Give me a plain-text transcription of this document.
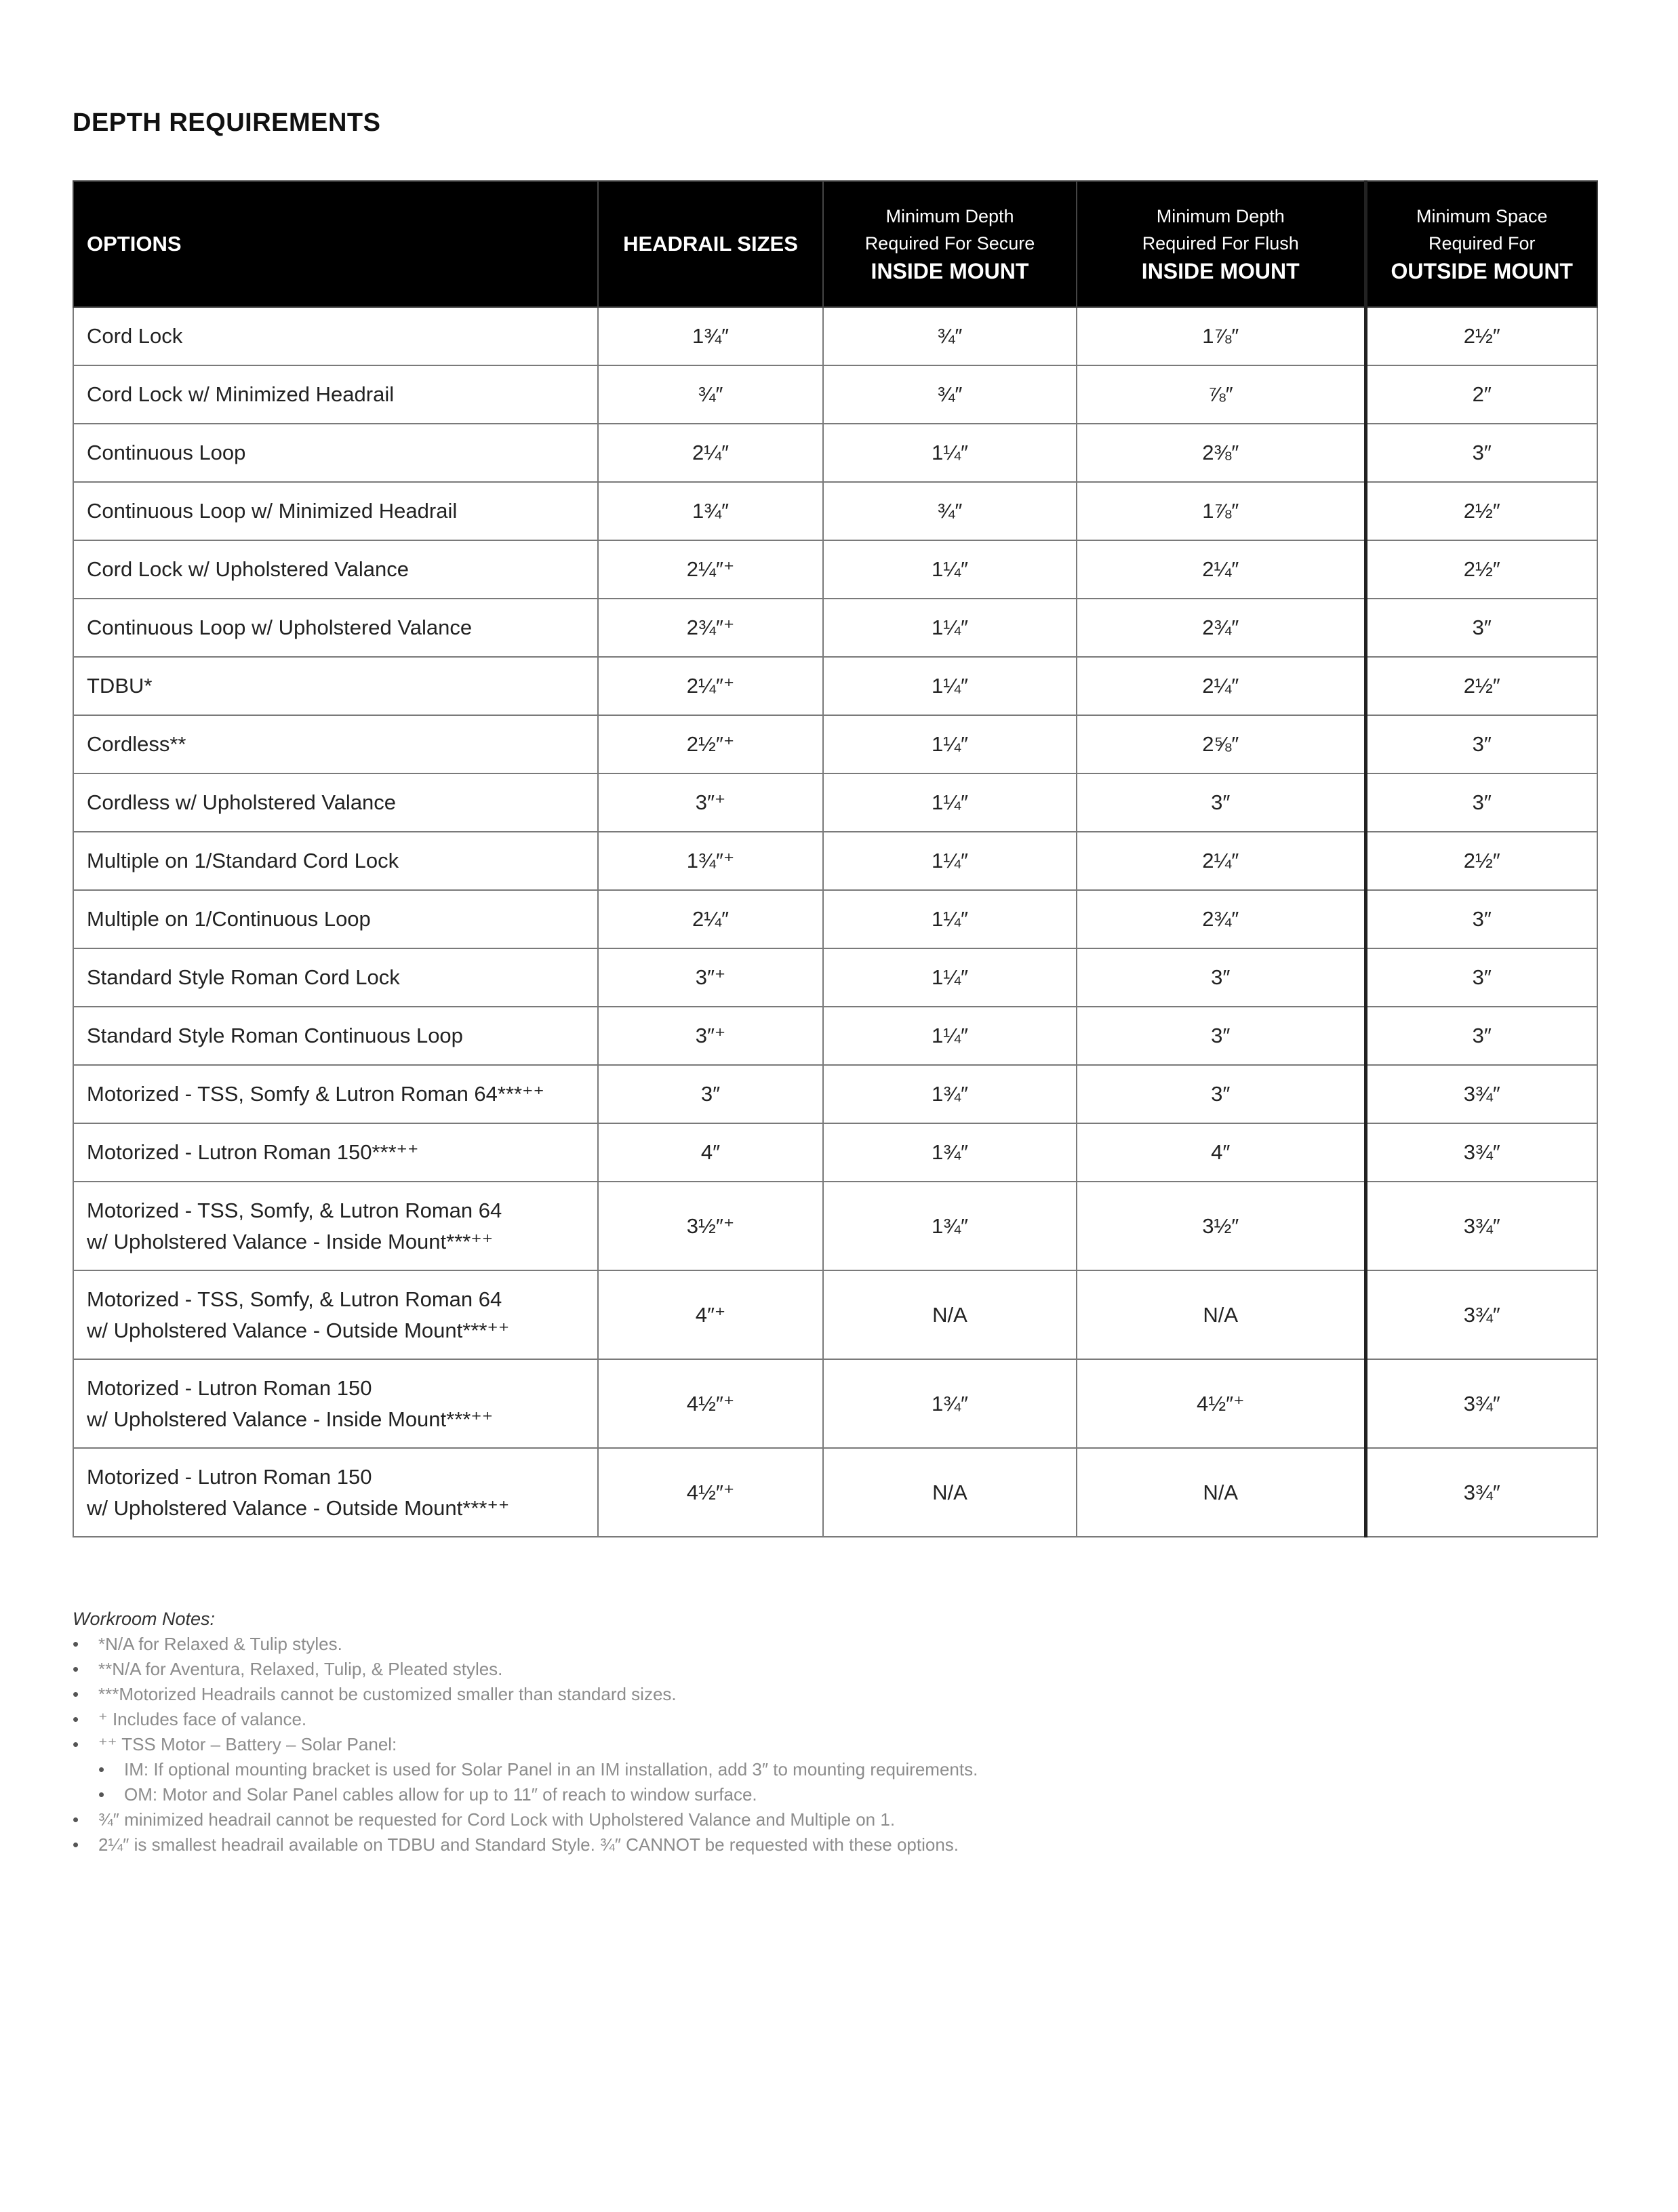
DEPTH REQUIREMENTS
OPTIONS	HEADRAIL SIZES	Minimum Depth
Required For Secure
INSIDE MOUNT	Minimum Depth
Required For Flush
INSIDE MOUNT	Minimum Space
Required For
OUTSIDE MOUNT

Cord Lock	1¾″	¾″	1⅞″	2½″
Cord Lock w/ Minimized Headrail	¾″	¾″	⅞″	2″
Continuous Loop	2¼″	1¼″	2⅜″	3″
Continuous Loop w/ Minimized Headrail	1¾″	¾″	1⅞″	2½″
Cord Lock w/ Upholstered Valance	2¼″⁺	1¼″	2¼″	2½″
Continuous Loop w/ Upholstered Valance	2¾″⁺	1¼″	2¾″	3″
TDBU*	2¼″⁺	1¼″	2¼″	2½″
Cordless**	2½″⁺	1¼″	2⅝″	3″
Cordless w/ Upholstered Valance	3″⁺	1¼″	3″	3″
Multiple on 1/Standard Cord Lock	1¾″⁺	1¼″	2¼″	2½″
Multiple on 1/Continuous Loop	2¼″	1¼″	2¾″	3″
Standard Style Roman Cord Lock	3″⁺	1¼″	3″	3″
Standard Style Roman Continuous Loop	3″⁺	1¼″	3″	3″
Motorized - TSS, Somfy & Lutron Roman 64***⁺⁺	3″	1¾″	3″	3¾″
Motorized - Lutron Roman 150***⁺⁺	4″	1¾″	4″	3¾″

Motorized - TSS, Somfy, & Lutron Roman 64
w/ Upholstered Valance - Inside Mount***⁺⁺	3½″⁺	1¾″	3½″	3¾″

Motorized - TSS, Somfy, & Lutron Roman 64
w/ Upholstered Valance - Outside Mount***⁺⁺	4″⁺	N/A	N/A	3¾″

Motorized - Lutron Roman 150
w/ Upholstered Valance - Inside Mount***⁺⁺	4½″⁺	1¾″	4½″⁺	3¾″

Motorized - Lutron Roman 150
w/ Upholstered Valance - Outside Mount***⁺⁺	4½″⁺	N/A	N/A	3¾″
Workroom Notes:
• *N/A for Relaxed & Tulip styles.
• **N/A for Aventura, Relaxed, Tulip, & Pleated styles.
• ***Motorized Headrails cannot be customized smaller than standard sizes.
• ⁺ Includes face of valance.
• ⁺⁺ TSS Motor – Battery – Solar Panel:
• IM: If optional mounting bracket is used for Solar Panel in an IM installation, add 3″ to mounting requirements.
• OM: Motor and Solar Panel cables allow for up to 11″ of reach to window surface.
• ¾″ minimized headrail cannot be requested for Cord Lock with Upholstered Valance and Multiple on 1.
• 2¼″ is smallest headrail available on TDBU and Standard Style. ¾″ CANNOT be requested with these options.
